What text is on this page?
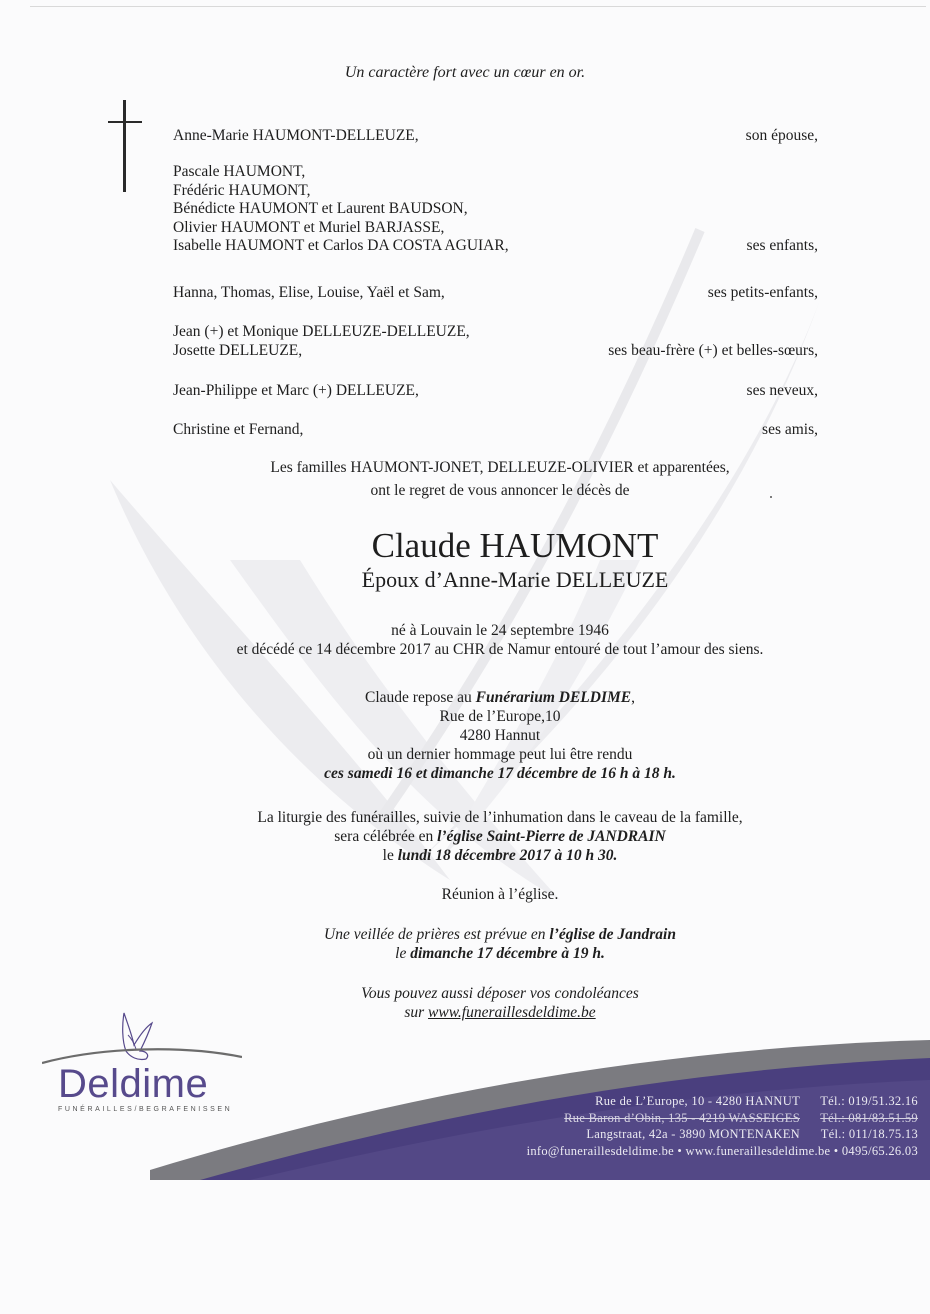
Un caractère fort avec un cœur en or.
Anne-Marie HAUMONT-DELLEUZE,	son épouse,
Pascale HAUMONT,
Frédéric HAUMONT,
Bénédicte HAUMONT et Laurent BAUDSON,
Olivier HAUMONT et Muriel BARJASSE,
Isabelle HAUMONT et Carlos DA COSTA AGUIAR,	ses enfants,
Hanna, Thomas, Elise, Louise, Yaël et Sam,	ses petits-enfants,
Jean (+) et Monique DELLEUZE-DELLEUZE,
Josette DELLEUZE,	ses beau-frère (+) et belles-sœurs,
Jean-Philippe et Marc (+) DELLEUZE,	ses neveux,
Christine et Fernand,	ses amis,
Les familles HAUMONT-JONET, DELLEUZE-OLIVIER et apparentées,
ont le regret de vous annoncer le décès de
Claude HAUMONT
Époux d’Anne-Marie DELLEUZE
né à Louvain le 24 septembre 1946
et décédé ce 14 décembre 2017 au CHR de Namur entouré de tout l’amour des siens.
Claude repose au Funérarium DELDIME,
Rue de l’Europe,10
4280 Hannut
où un dernier hommage peut lui être rendu
ces samedi 16 et dimanche 17 décembre de 16 h à 18 h.
La liturgie des funérailles, suivie de l’inhumation dans le caveau de la famille,
sera célébrée en l’église Saint-Pierre de JANDRAIN
le lundi 18 décembre 2017 à 10 h 30.
Réunion à l’église.
Une veillée de prières est prévue en l’église de Jandrain
le dimanche 17 décembre à 19 h.
Vous pouvez aussi déposer vos condoléances
sur www.funeraillesdeldime.be
Deldime
FUNÉRAILLES/BEGRAFENISSEN
Rue de L’Europe, 10 - 4280 HANNUT	Tél.: 019/51.32.16
Rue Baron d’Obin, 135 - 4219 WASSEIGES	Tél.: 081/83.51.59
Langstraat, 42a - 3890 MONTENAKEN	Tél.: 011/18.75.13
info@funeraillesdeldime.be • www.funeraillesdeldime.be • 0495/65.26.03
